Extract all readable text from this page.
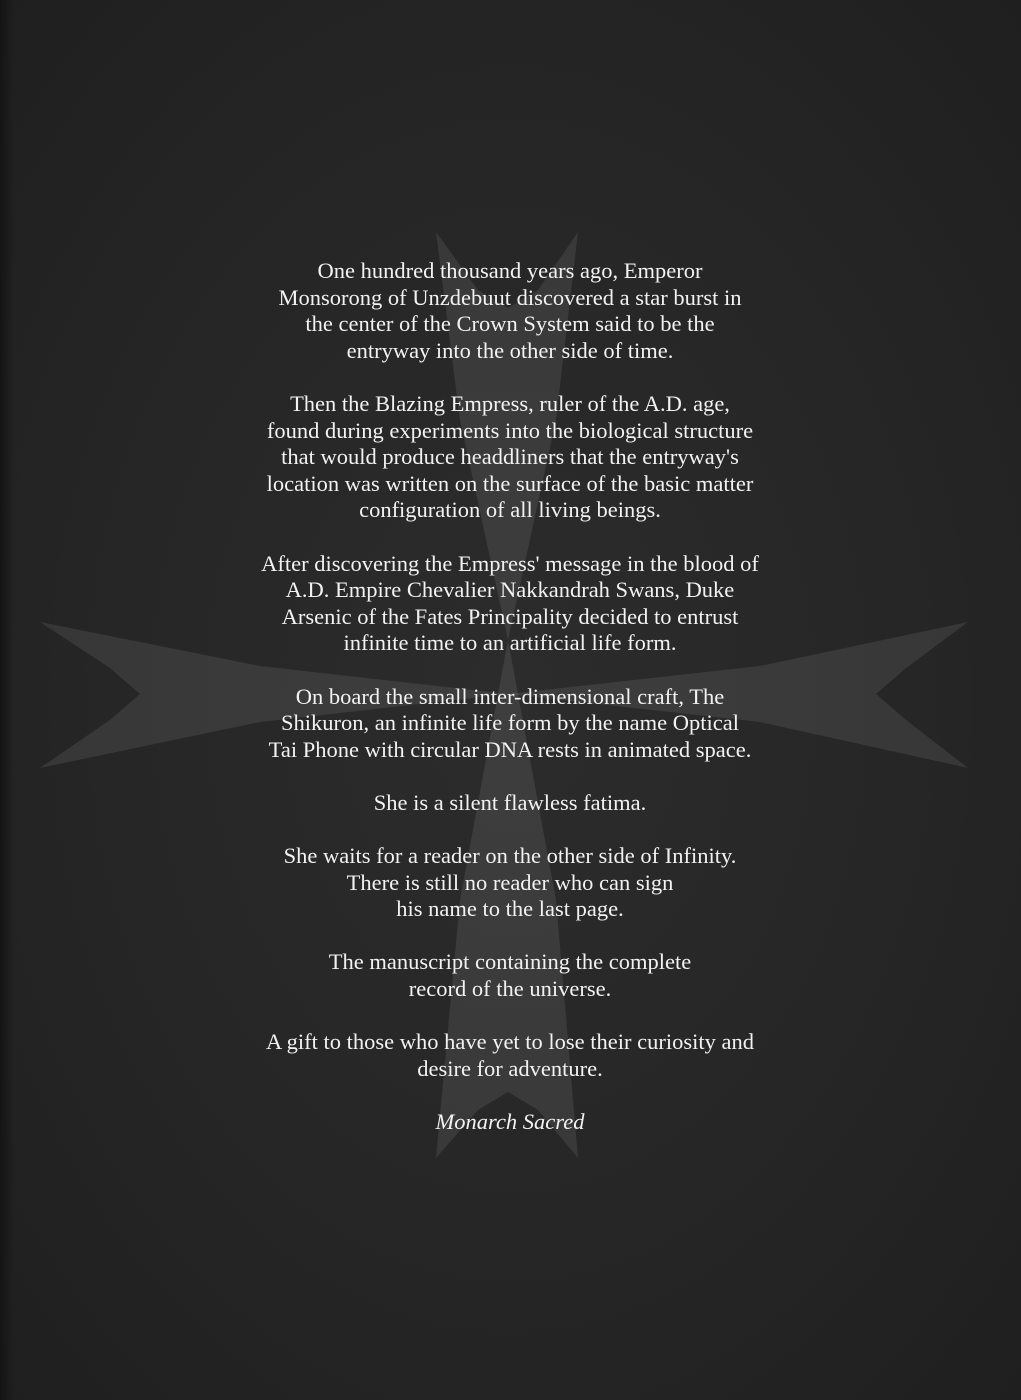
One hundred thousand years ago, Emperor
Monsorong of Unzdebuut discovered a star burst in
the center of the Crown System said to be the
entryway into the other side of time.

Then the Blazing Empress, ruler of the A.D. age,
found during experiments into the biological structure
that would produce headdliners that the entryway's
location was written on the surface of the basic matter
configuration of all living beings.

After discovering the Empress' message in the blood of
A.D. Empire Chevalier Nakkandrah Swans, Duke
Arsenic of the Fates Principality decided to entrust
infinite time to an artificial life form.

On board the small inter-dimensional craft, The
Shikuron, an infinite life form by the name Optical
Tai Phone with circular DNA rests in animated space.

She is a silent flawless fatima.

She waits for a reader on the other side of Infinity.
There is still no reader who can sign
his name to the last page.

The manuscript containing the complete
record of the universe.

A gift to those who have yet to lose their curiosity and
desire for adventure.

Monarch Sacred
